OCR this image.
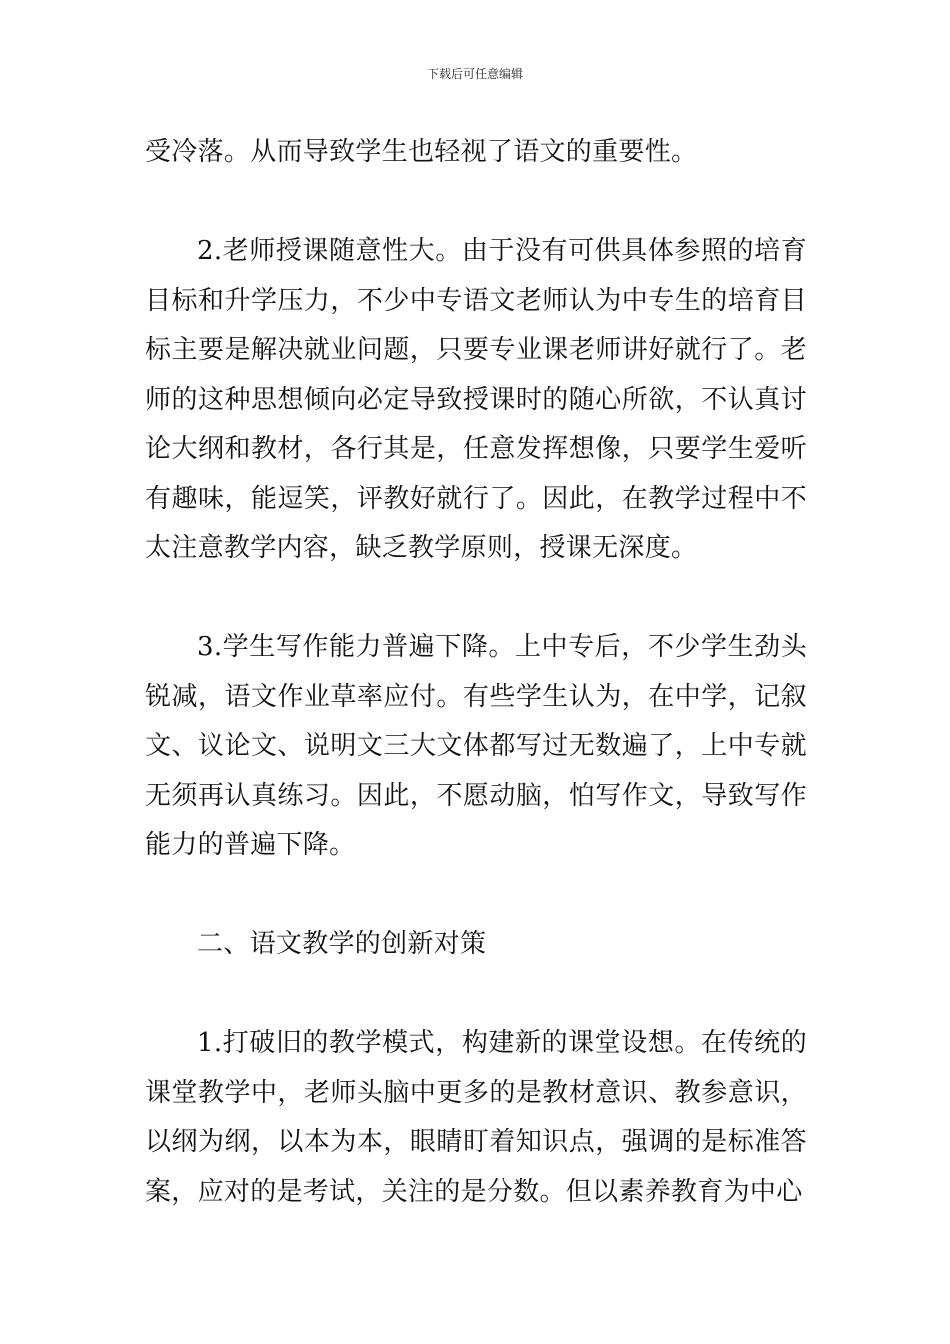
下载后可任意编辑

受冷落。从而导致学生也轻视了语文的重要性。

2.老师授课随意性大。由于没有可供具体参照的培育目标和升学压力，不少中专语文老师认为中专生的培育目标主要是解决就业问题，只要专业课老师讲好就行了。老师的这种思想倾向必定导致授课时的随心所欲，不认真讨论大纲和教材，各行其是，任意发挥想像，只要学生爱听有趣味，能逗笑，评教好就行了。因此，在教学过程中不太注意教学内容，缺乏教学原则，授课无深度。

3.学生写作能力普遍下降。上中专后，不少学生劲头锐减，语文作业草率应付。有些学生认为，在中学，记叙文、议论文、说明文三大文体都写过无数遍了，上中专就无须再认真练习。因此，不愿动脑，怕写作文，导致写作能力的普遍下降。

二、语文教学的创新对策

1.打破旧的教学模式，构建新的课堂设想。在传统的课堂教学中，老师头脑中更多的是教材意识、教参意识，以纲为纲，以本为本，眼睛盯着知识点，强调的是标准答案，应对的是考试，关注的是分数。但以素养教育为中心
